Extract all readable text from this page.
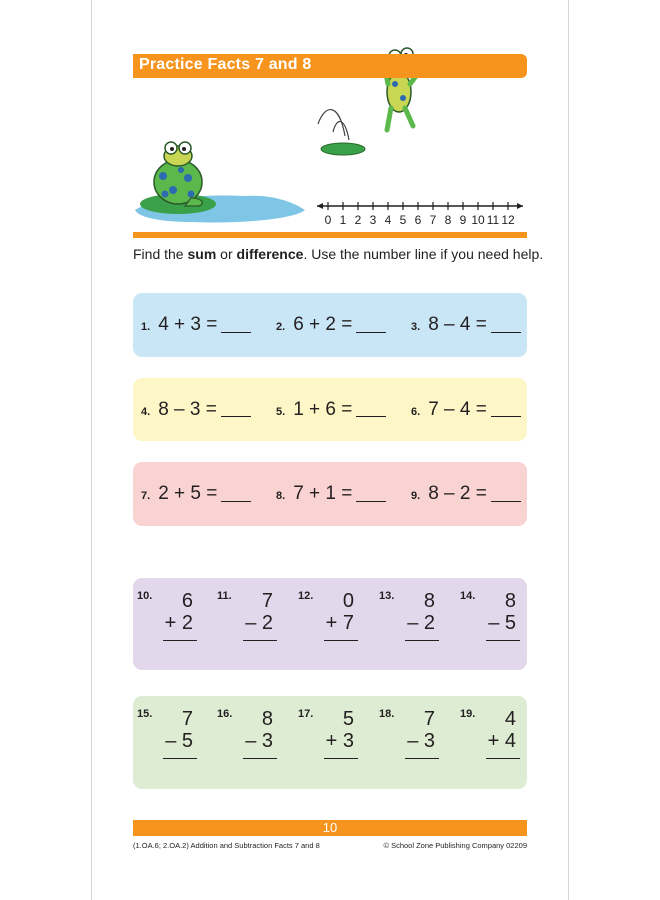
Practice Facts 7 and 8
0 1 2 3 4 5 6 7 8 9 10 11 12
Find the sum or difference. Use the number line if you need help.
1. 4 + 3 =	2. 6 + 2 =	3. 8 – 4 =
4. 8 – 3 =	5. 1 + 6 =	6. 7 – 4 =
7. 2 + 5 =	8. 7 + 1 =	9. 8 – 2 =
10. 6
+ 2
11. 7
– 2
12. 0
+ 7
13. 8
– 2
14. 8
– 5
15. 7
– 5
16. 8
– 3
17. 5
+ 3
18. 7
– 3
19. 4
+ 4
10
(1.OA.6; 2.OA.2) Addition and Subtraction Facts 7 and 8	© School Zone Publishing Company 02209
